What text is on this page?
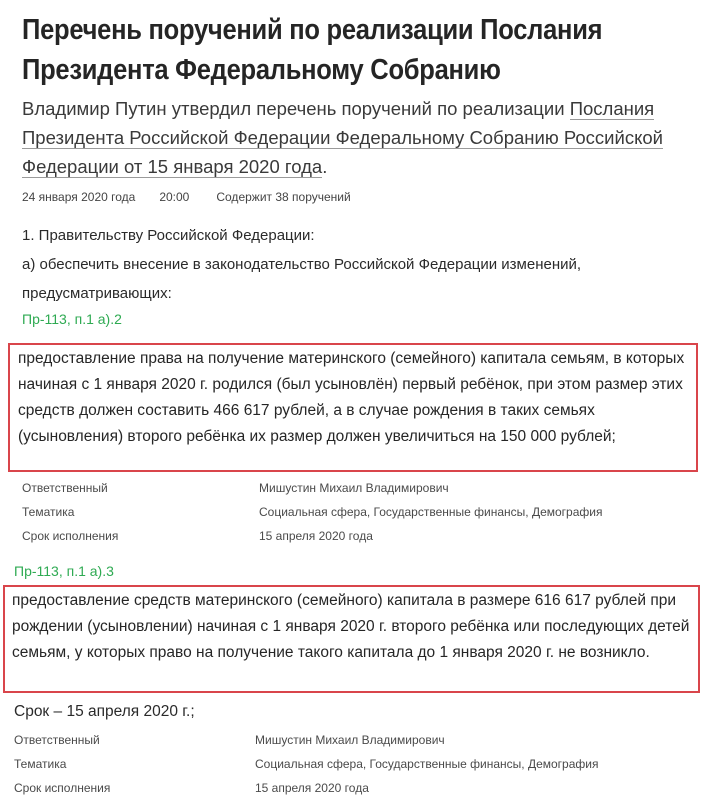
Перечень поручений по реализации Послания
Президента Федеральному Собранию
Владимир Путин утвердил перечень поручений по реализации Послания Президента Российской Федерации Федеральному Собранию Российской Федерации от 15 января 2020 года.
24 января 2020 года 20:00 Содержит 38 поручений
1. Правительству Российской Федерации:
а) обеспечить внесение в законодательство Российской Федерации изменений, предусматривающих:
Пр-113, п.1 а).2
предоставление права на получение материнского (семейного) капитала семьям, в которых начиная с 1 января 2020 г. родился (был усыновлён) первый ребёнок, при этом размер этих средств должен составить 466 617 рублей, а в случае рождения в таких семьях (усыновления) второго ребёнка их размер должен увеличиться на 150 000 рублей;
Ответственный	Мишустин Михаил Владимирович
Тематика	Социальная сфера, Государственные финансы, Демография
Срок исполнения	15 апреля 2020 года
Пр-113, п.1 а).3
предоставление средств материнского (семейного) капитала в размере 616 617 рублей при рождении (усыновлении) начиная с 1 января 2020 г. второго ребёнка или последующих детей семьям, у которых право на получение такого капитала до 1 января 2020 г. не возникло.
Срок – 15 апреля 2020 г.;
Ответственный	Мишустин Михаил Владимирович
Тематика	Социальная сфера, Государственные финансы, Демография
Срок исполнения	15 апреля 2020 года
